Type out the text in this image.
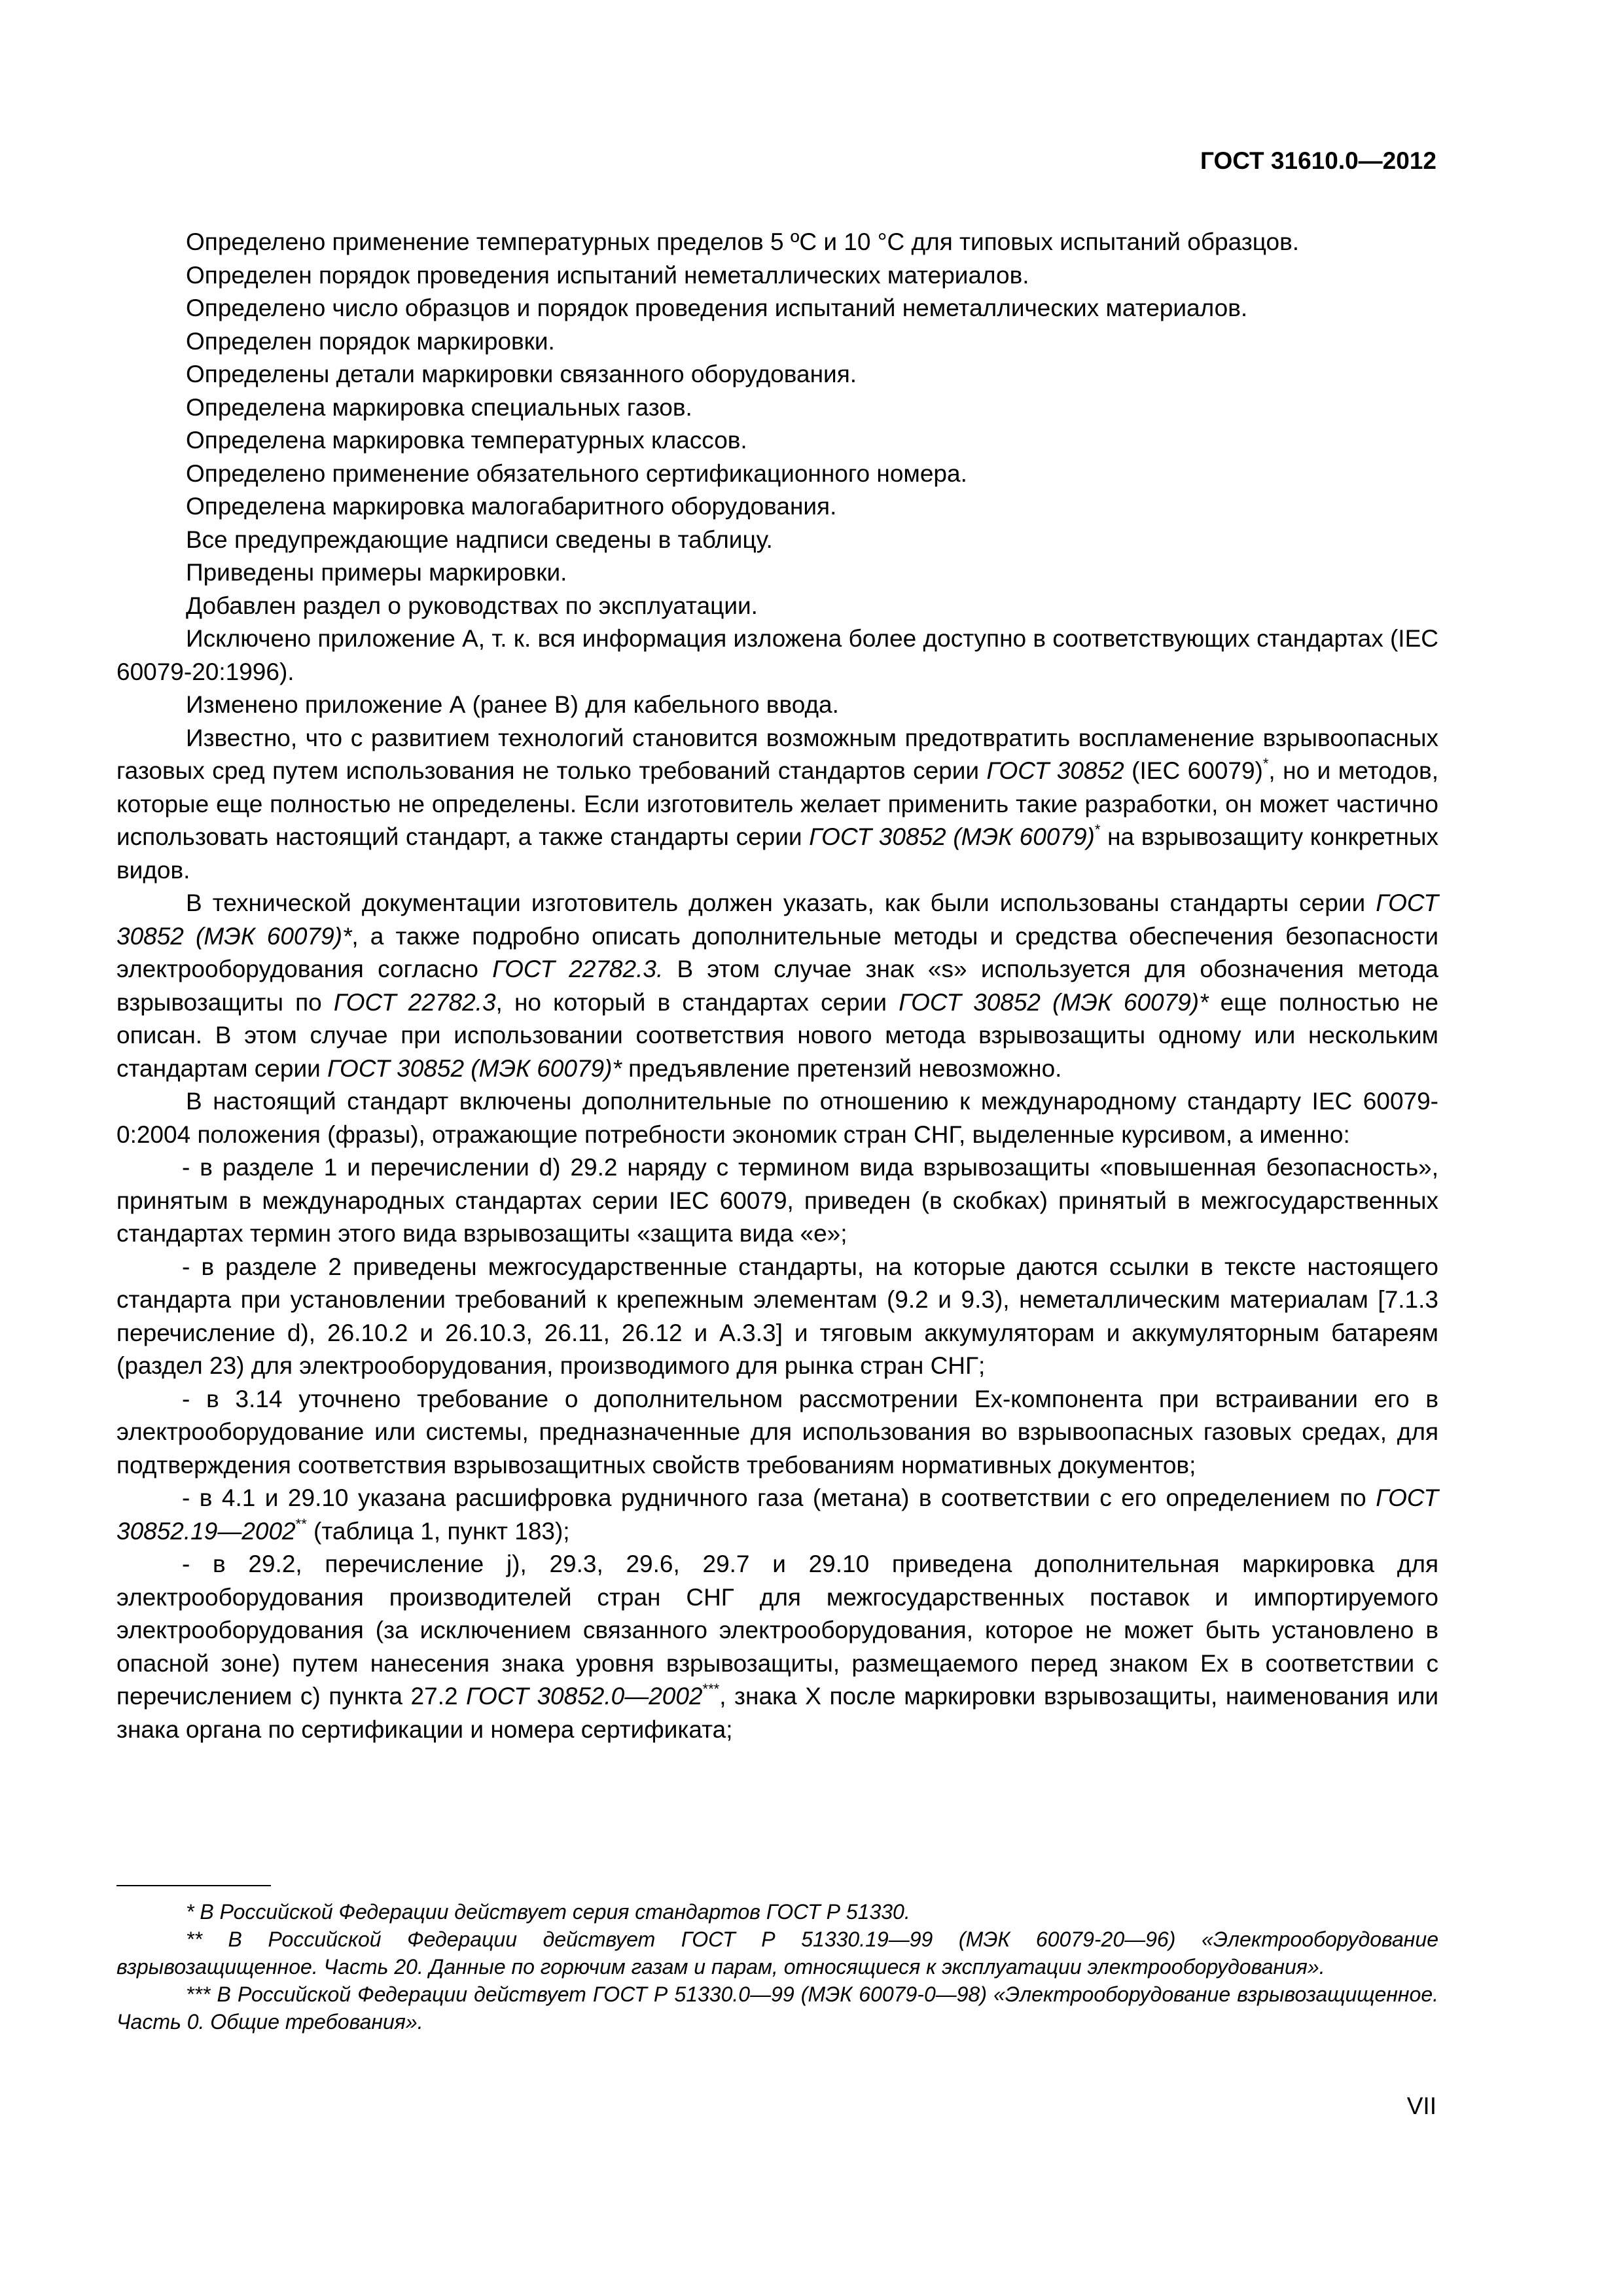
ГОСТ 31610.0—2012

Определено применение температурных пределов 5 ºС и 10 °С для типовых испытаний образцов.

Определен порядок проведения испытаний неметаллических материалов.

Определено число образцов и порядок проведения испытаний неметаллических материалов.

Определен порядок маркировки.

Определены детали маркировки связанного оборудования.

Определена маркировка специальных газов.

Определена маркировка температурных классов.

Определено применение обязательного сертификационного номера.

Определена маркировка малогабаритного оборудования.

Все предупреждающие надписи сведены в таблицу.

Приведены примеры маркировки.

Добавлен раздел о руководствах по эксплуатации.

Исключено приложение А, т. к. вся информация изложена более доступно в соответствующих стандартах (IEC 60079-20:1996).

Изменено приложение А (ранее В) для кабельного ввода.

Известно, что с развитием технологий становится возможным предотвратить воспламенение взрывоопасных газовых сред путем использования не только требований стандартов серии ГОСТ 30852 (IEC 60079)*, но и методов, которые еще полностью не определены. Если изготовитель желает применить такие разработки, он может частично использовать настоящий стандарт, а также стандарты серии ГОСТ 30852 (МЭК 60079)* на взрывозащиту конкретных видов.

В технической документации изготовитель должен указать, как были использованы стандарты серии ГОСТ 30852 (МЭК 60079)*, а также подробно описать дополнительные методы и средства обеспечения безопасности электрооборудования согласно ГОСТ 22782.3. В этом случае знак «s» используется для обозначения метода взрывозащиты по ГОСТ 22782.3, но который в стандартах серии ГОСТ 30852 (МЭК 60079)* еще полностью не описан. В этом случае при использовании соответствия нового метода взрывозащиты одному или нескольким стандартам серии ГОСТ 30852 (МЭК 60079)* предъявление претензий невозможно.

В настоящий стандарт включены дополнительные по отношению к международному стандарту IEC 60079-0:2004 положения (фразы), отражающие потребности экономик стран СНГ, выделенные курсивом, а именно:

- в разделе 1 и перечислении d) 29.2 наряду с термином вида взрывозащиты «повышенная безопасность», принятым в международных стандартах серии IEC 60079, приведен (в скобках) принятый в межгосударственных стандартах термин этого вида взрывозащиты «защита вида «е»;

- в разделе 2 приведены межгосударственные стандарты, на которые даются ссылки в тексте настоящего стандарта при установлении требований к крепежным элементам (9.2 и 9.3), неметаллическим материалам [7.1.3 перечисление d), 26.10.2 и 26.10.3, 26.11, 26.12 и А.3.3] и тяговым аккумуляторам и аккумуляторным батареям (раздел 23) для электрооборудования, производимого для рынка стран СНГ;

- в 3.14 уточнено требование о дополнительном рассмотрении Ex-компонента при встраивании его в электрооборудование или системы, предназначенные для использования во взрывоопасных газовых средах, для подтверждения соответствия взрывозащитных свойств требованиям нормативных документов;

- в 4.1 и 29.10 указана расшифровка рудничного газа (метана) в соответствии с его определением по ГОСТ 30852.19—2002** (таблица 1, пункт 183);

- в 29.2, перечисление j), 29.3, 29.6, 29.7 и 29.10 приведена дополнительная маркировка для электрооборудования производителей стран СНГ для межгосударственных поставок и импортируемого электрооборудования (за исключением связанного электрооборудования, которое не может быть установлено в опасной зоне) путем нанесения знака уровня взрывозащиты, размещаемого перед знаком Ex в соответствии с перечислением с) пункта 27.2 ГОСТ 30852.0—2002***, знака X после маркировки взрывозащиты, наименования или знака органа по сертификации и номера сертификата;

* В Российской Федерации действует серия стандартов ГОСТ Р 51330.

** В Российской Федерации действует ГОСТ Р 51330.19—99 (МЭК 60079-20—96) «Электрооборудование взрывозащищенное. Часть 20. Данные по горючим газам и парам, относящиеся к эксплуатации электрооборудования».

*** В Российской Федерации действует ГОСТ Р 51330.0—99 (МЭК 60079-0—98) «Электрооборудование взрывозащищенное. Часть 0. Общие требования».

VII
